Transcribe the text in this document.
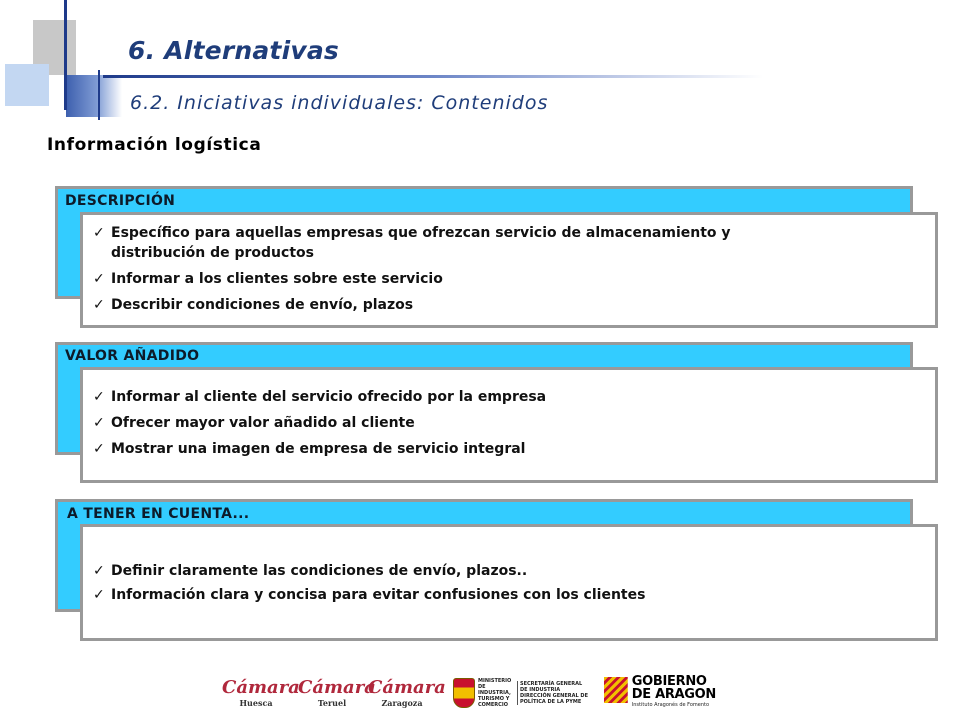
6. Alternativas
6.2. Iniciativas individuales: Contenidos
Información logística
DESCRIPCIÓN
✓ Específico para aquellas empresas que ofrezcan servicio de almacenamiento y
distribución de productos
✓ Informar a los clientes sobre este servicio
✓ Describir condiciones de envío, plazos
VALOR AÑADIDO
✓ Informar al cliente del servicio ofrecido por la empresa
✓ Ofrecer mayor valor añadido al cliente
✓ Mostrar una imagen de empresa de servicio integral
A TENER EN CUENTA...
✓ Definir claramente las condiciones de envío, plazos..
✓ Información clara y concisa para evitar confusiones con los clientes
Cámara
Huesca
Cámara
Teruel
Cámara
Zaragoza
MINISTERIO DE INDUSTRIA, TURISMO Y COMERCIO
SECRETARÍA GENERAL DE INDUSTRIA DIRECCIÓN GENERAL DE POLÍTICA DE LA PYME
GOBIERNO
DE ARAGON
Instituto Aragonés de Fomento
